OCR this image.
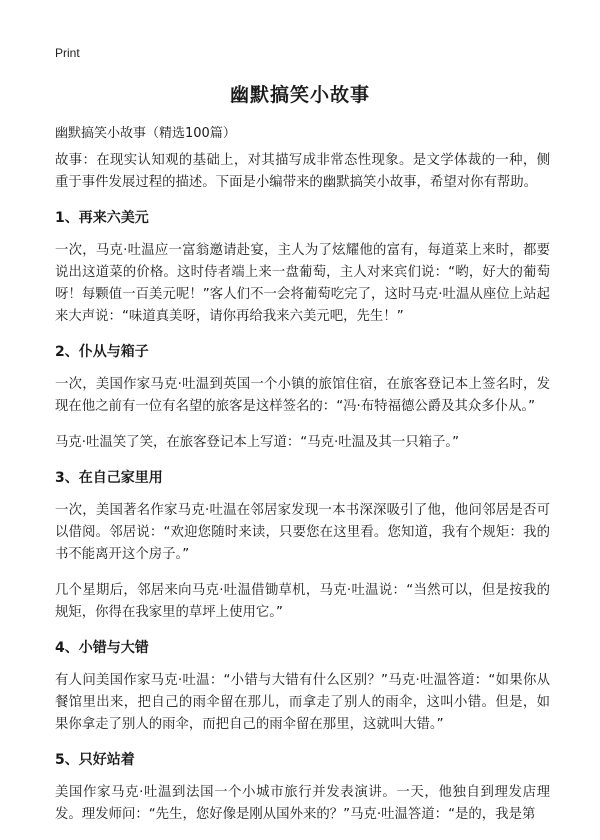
Print
幽默搞笑小故事
幽默搞笑小故事（精选100篇）

故事：在现实认知观的基础上，对其描写成非常态性现象。是文学体裁的一种，侧重于事件发展过程的描述。下面是小编带来的幽默搞笑小故事，希望对你有帮助。

1、再来六美元

一次，马克·吐温应一富翁邀请赴宴，主人为了炫耀他的富有，每道菜上来时，都要说出这道菜的价格。这时侍者端上来一盘葡萄，主人对来宾们说：“哟，好大的葡萄呀！每颗值一百美元呢！”客人们不一会将葡萄吃完了，这时马克·吐温从座位上站起来大声说：“味道真美呀，请你再给我来六美元吧，先生！”

2、仆从与箱子

一次，美国作家马克·吐温到英国一个小镇的旅馆住宿，在旅客登记本上签名时，发现在他之前有一位有名望的旅客是这样签名的：“冯·布特福德公爵及其众多仆从。”

马克·吐温笑了笑，在旅客登记本上写道：“马克·吐温及其一只箱子。”

3、在自己家里用

一次，美国著名作家马克·吐温在邻居家发现一本书深深吸引了他，他问邻居是否可以借阅。邻居说：“欢迎您随时来读，只要您在这里看。您知道，我有个规矩：我的书不能离开这个房子。”

几个星期后，邻居来向马克·吐温借锄草机，马克·吐温说：“当然可以，但是按我的规矩，你得在我家里的草坪上使用它。”

4、小错与大错

有人问美国作家马克·吐温：“小错与大错有什么区别？”马克·吐温答道：“如果你从餐馆里出来，把自己的雨伞留在那儿，而拿走了别人的雨伞，这叫小错。但是，如果你拿走了别人的雨伞，而把自己的雨伞留在那里，这就叫大错。”

5、只好站着

美国作家马克·吐温到法国一个小城市旅行并发表演讲。一天，他独自到理发店理发。理发师问：“先生，您好像是刚从国外来的？”马克·吐温答道：“是的，我是第
